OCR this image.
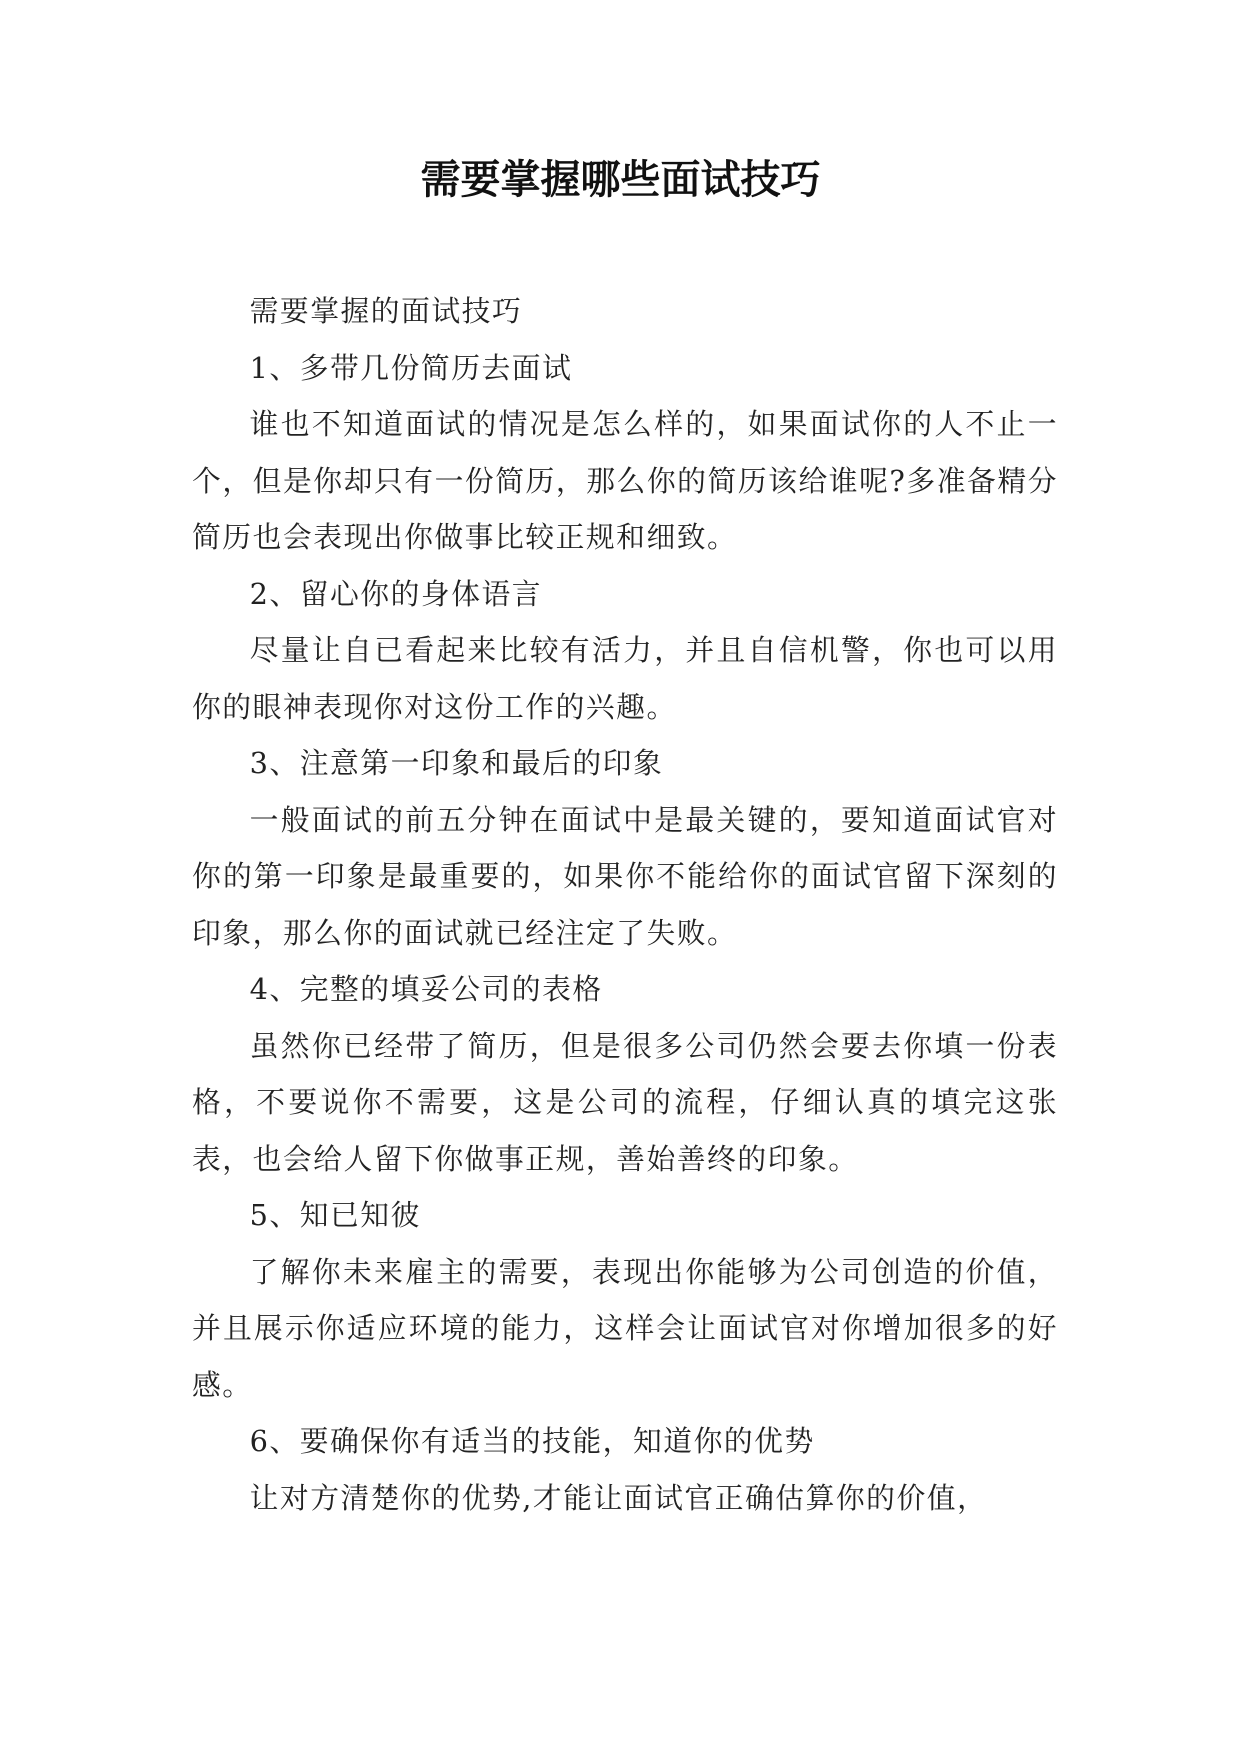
需要掌握哪些面试技巧

需要掌握的面试技巧

1、多带几份简历去面试

谁也不知道面试的情况是怎么样的，如果面试你的人不止一个，但是你却只有一份简历，那么你的简历该给谁呢?多准备精分简历也会表现出你做事比较正规和细致。

2、留心你的身体语言

尽量让自已看起来比较有活力，并且自信机警，你也可以用你的眼神表现你对这份工作的兴趣。

3、注意第一印象和最后的印象

一般面试的前五分钟在面试中是最关键的，要知道面试官对你的第一印象是最重要的，如果你不能给你的面试官留下深刻的印象，那么你的面试就已经注定了失败。

4、完整的填妥公司的表格

虽然你已经带了简历，但是很多公司仍然会要去你填一份表格，不要说你不需要，这是公司的流程，仔细认真的填完这张表，也会给人留下你做事正规，善始善终的印象。

5、知已知彼

了解你未来雇主的需要，表现出你能够为公司创造的价值，并且展示你适应环境的能力，这样会让面试官对你增加很多的好感。

6、要确保你有适当的技能，知道你的优势

让对方清楚你的优势,才能让面试官正确估算你的价值，
